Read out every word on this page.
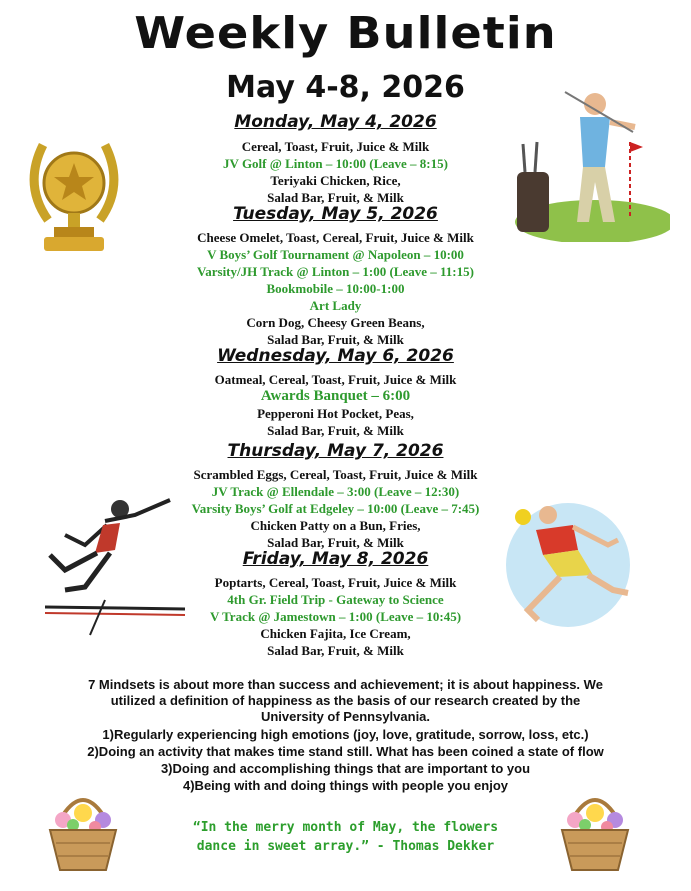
Weekly Bulletin
May 4-8, 2026
Monday, May 4, 2026
Cereal, Toast, Fruit, Juice & Milk
JV Golf @ Linton – 10:00 (Leave – 8:15)
Teriyaki Chicken, Rice,
Salad Bar, Fruit, & Milk
Tuesday, May 5, 2026
Cheese Omelet, Toast, Cereal, Fruit, Juice & Milk
V Boys’ Golf Tournament @ Napoleon – 10:00
Varsity/JH Track @ Linton – 1:00 (Leave – 11:15)
Bookmobile – 10:00-1:00
Art Lady
Corn Dog, Cheesy Green Beans,
Salad Bar, Fruit, & Milk
Wednesday, May 6, 2026
Oatmeal, Cereal, Toast, Fruit, Juice & Milk
Awards Banquet – 6:00
Pepperoni Hot Pocket, Peas,
Salad Bar, Fruit, & Milk
Thursday, May 7, 2026
Scrambled Eggs, Cereal, Toast, Fruit, Juice & Milk
JV Track @ Ellendale – 3:00 (Leave – 12:30)
Varsity Boys’ Golf at Edgeley – 10:00 (Leave – 7:45)
Chicken Patty on a Bun, Fries,
Salad Bar, Fruit, & Milk
Friday, May 8, 2026
Poptarts, Cereal, Toast, Fruit, Juice & Milk
4th Gr. Field Trip - Gateway to Science
V Track @ Jamestown – 1:00 (Leave – 10:45)
Chicken Fajita, Ice Cream,
Salad Bar, Fruit, & Milk
7 Mindsets is about more than success and achievement; it is about happiness. We
utilized a definition of happiness as the basis of our research created by the
University of Pennsylvania.
1)Regularly experiencing high emotions (joy, love, gratitude, sorrow, loss, etc.)
2)Doing an activity that makes time stand still. What has been coined a state of flow
3)Doing and accomplishing things that are important to you
4)Being with and doing things with people you enjoy
“In the merry month of May, the flowers
dance in sweet array.” - Thomas Dekker
